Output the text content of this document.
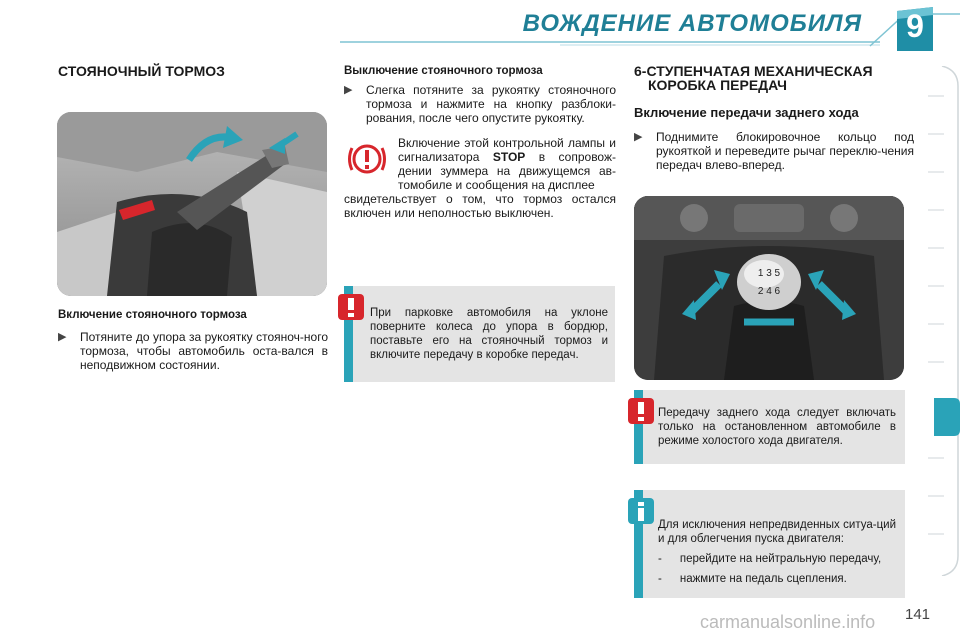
ВОЖДЕНИЕ АВТОМОБИЛЯ	9
СТОЯНОЧНЫЙ ТОРМОЗ
Включение стояночного тормоза
▶ Потяните до упора за рукоятку стояноч-ного тормоза, чтобы автомобиль оста-вался в неподвижном состоянии.
Выключение стояночного тормоза
▶ Слегка потяните за рукоятку стояночного тормоза и нажмите на кнопку разблоки-рования, после чего опустите рукоятку.
Включение этой контрольной лампы и сигнализатора STOP в сопровож-дении зуммера на движущемся ав-томобиле и сообщения на дисплее
свидетельствует о том, что тормоз остался включен или неполностью выключен.
При парковке автомобиля на уклоне поверните колеса до упора в бордюр, поставьте его на стояночный тормоз и включите передачу в коробке передач.
6-СТУПЕНЧАТАЯ МЕХАНИЧЕСКАЯ
КОРОБКА ПЕРЕДАЧ
Включение передачи заднего хода
▶ Поднимите блокировочное кольцо под рукояткой и переведите рычаг переклю-чения передач влево-вперед.
1 3 5
2 4 6
Передачу заднего хода следует включать только на остановленном автомобиле в режиме холостого хода двигателя.
Для исключения непредвиденных ситуа-ций и для облегчения пуска двигателя:
- перейдите на нейтральную передачу,
- нажмите на педаль сцепления.
141
carmanualsonline.info
